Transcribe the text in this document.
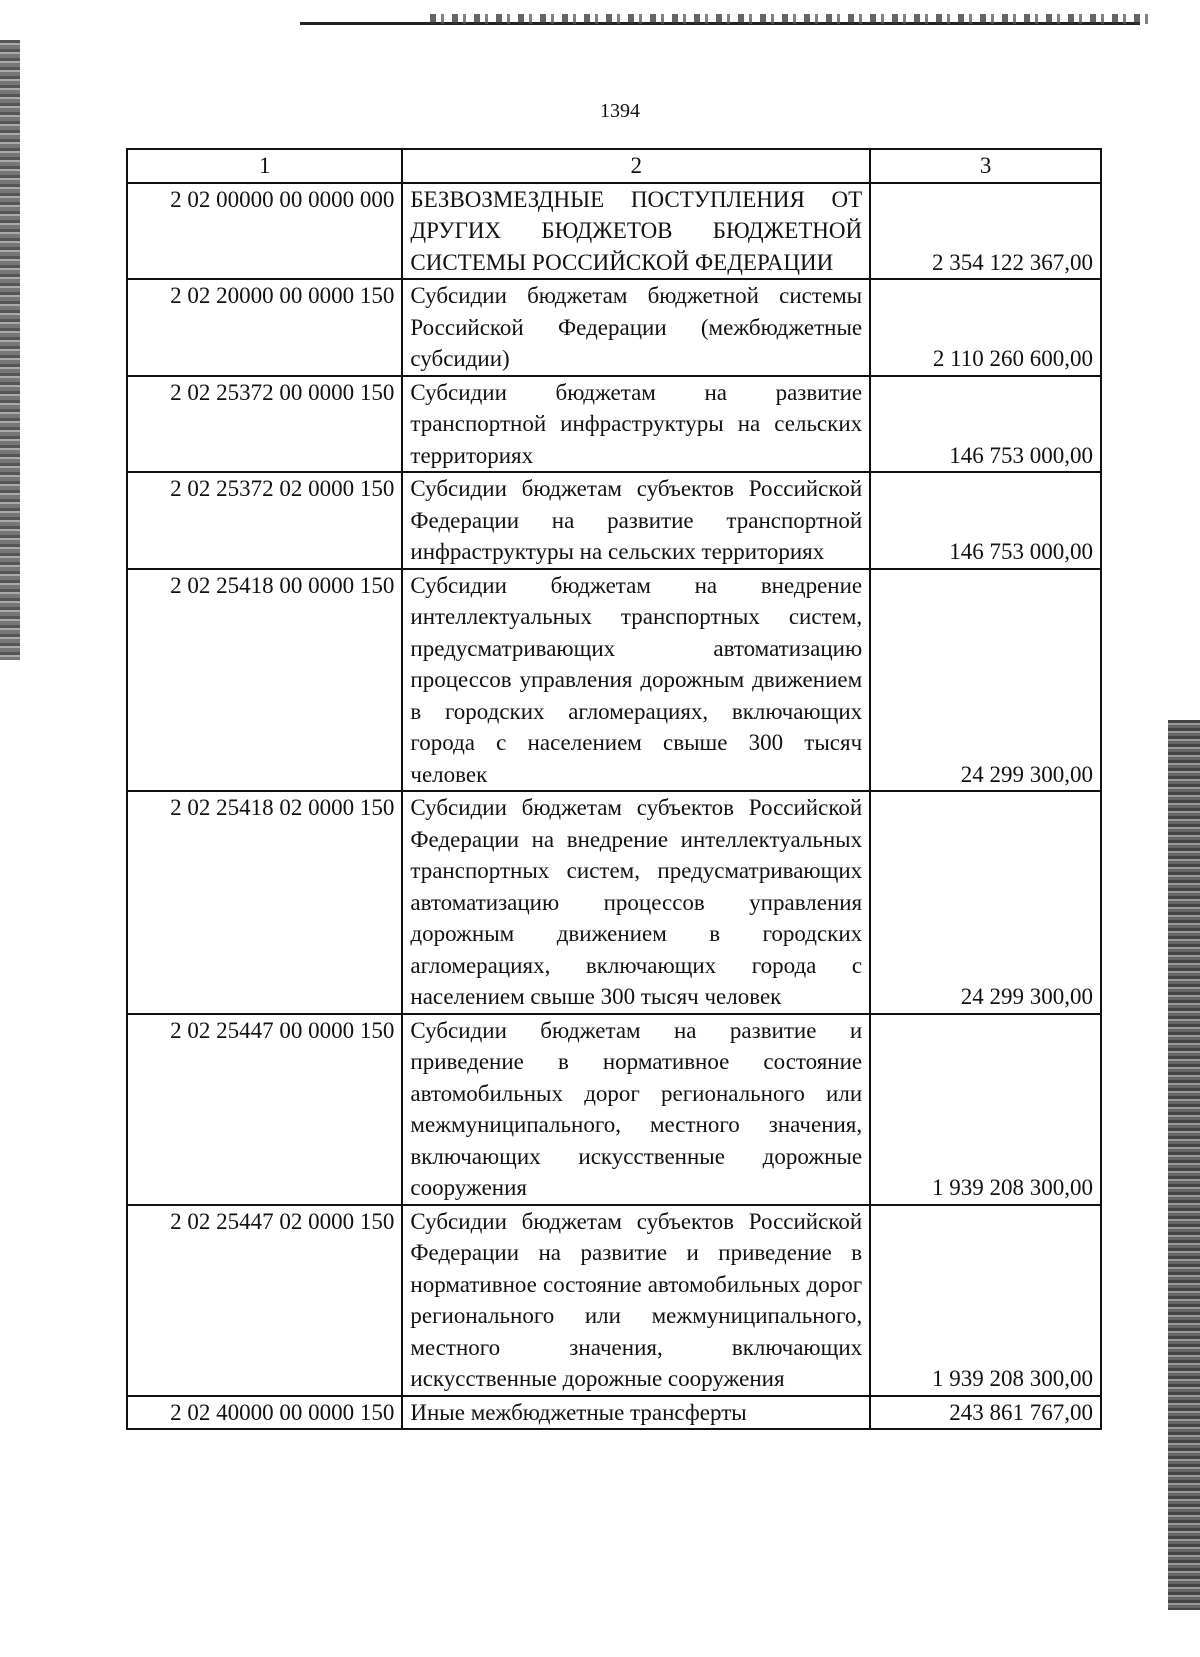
1394
1	2	3
2 02 00000 00 0000 000	БЕЗВОЗМЕЗДНЫЕ ПОСТУПЛЕНИЯ ОТ ДРУГИХ БЮДЖЕТОВ БЮДЖЕТНОЙ СИСТЕМЫ РОССИЙСКОЙ ФЕДЕРАЦИИ	2 354 122 367,00
2 02 20000 00 0000 150	Субсидии бюджетам бюджетной системы Российской Федерации (межбюджетные субсидии)	2 110 260 600,00
2 02 25372 00 0000 150	Субсидии бюджетам на развитие транспортной инфраструктуры на сельских территориях	146 753 000,00
2 02 25372 02 0000 150	Субсидии бюджетам субъектов Российской Федерации на развитие транспортной инфраструктуры на сельских территориях	146 753 000,00
2 02 25418 00 0000 150	Субсидии бюджетам на внедрение интеллектуальных транспортных систем, предусматривающих автоматизацию процессов управления дорожным движением в городских агломерациях, включающих города с населением свыше 300 тысяч человек	24 299 300,00
2 02 25418 02 0000 150	Субсидии бюджетам субъектов Российской Федерации на внедрение интеллектуальных транспортных систем, предусматривающих автоматизацию процессов управления дорожным движением в городских агломерациях, включающих города с населением свыше 300 тысяч человек	24 299 300,00
2 02 25447 00 0000 150	Субсидии бюджетам на развитие и приведение в нормативное состояние автомобильных дорог регионального или межмуниципального, местного значения, включающих искусственные дорожные сооружения	1 939 208 300,00
2 02 25447 02 0000 150	Субсидии бюджетам субъектов Российской Федерации на развитие и приведение в нормативное состояние автомобильных дорог регионального или межмуниципального, местного значения, включающих искусственные дорожные сооружения	1 939 208 300,00
2 02 40000 00 0000 150	Иные межбюджетные трансферты	243 861 767,00
